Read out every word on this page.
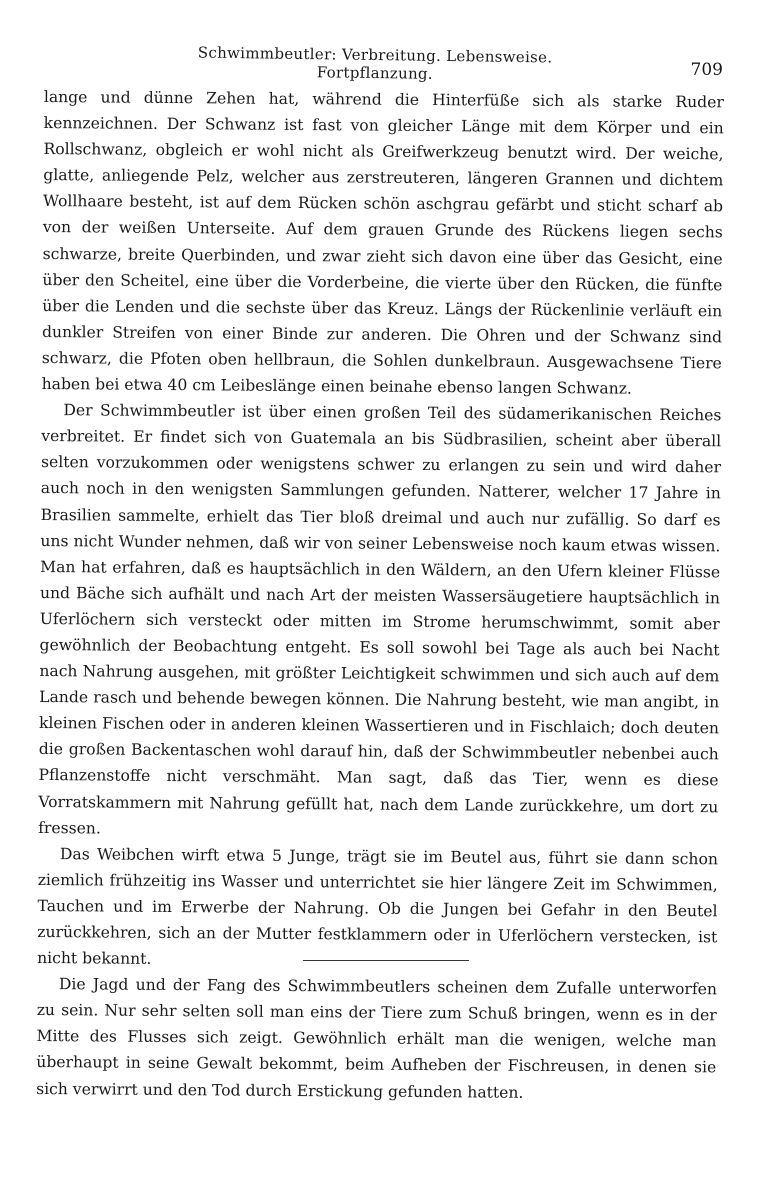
Schwimmbeutler: Verbreitung. Lebensweise. Fortpflanzung.	709

lange und dünne Zehen hat, während die Hinterfüße sich als starke Ruder kennzeichnen. Der Schwanz ist fast von gleicher Länge mit dem Körper und ein Rollschwanz, obgleich er wohl nicht als Greifwerkzeug benutzt wird. Der weiche, glatte, anliegende Pelz, welcher aus zerstreuteren, längeren Grannen und dichtem Wollhaare besteht, ist auf dem Rücken schön aschgrau gefärbt und sticht scharf ab von der weißen Unterseite. Auf dem grauen Grunde des Rückens liegen sechs schwarze, breite Querbinden, und zwar zieht sich davon eine über das Gesicht, eine über den Scheitel, eine über die Vorderbeine, die vierte über den Rücken, die fünfte über die Lenden und die sechste über das Kreuz. Längs der Rückenlinie verläuft ein dunkler Streifen von einer Binde zur anderen. Die Ohren und der Schwanz sind schwarz, die Pfoten oben hellbraun, die Sohlen dunkelbraun. Ausgewachsene Tiere haben bei etwa 40 cm Leibeslänge einen beinahe ebenso langen Schwanz.

Der Schwimmbeutler ist über einen großen Teil des südamerikanischen Reiches verbreitet. Er findet sich von Guatemala an bis Südbrasilien, scheint aber überall selten vorzukommen oder wenigstens schwer zu erlangen zu sein und wird daher auch noch in den wenigsten Sammlungen gefunden. Natterer, welcher 17 Jahre in Brasilien sammelte, erhielt das Tier bloß dreimal und auch nur zufällig. So darf es uns nicht Wunder nehmen, daß wir von seiner Lebensweise noch kaum etwas wissen. Man hat erfahren, daß es hauptsächlich in den Wäldern, an den Ufern kleiner Flüsse und Bäche sich aufhält und nach Art der meisten Wassersäugetiere hauptsächlich in Uferlöchern sich versteckt oder mitten im Strome herumschwimmt, somit aber gewöhnlich der Beobachtung entgeht. Es soll sowohl bei Tage als auch bei Nacht nach Nahrung ausgehen, mit größter Leichtigkeit schwimmen und sich auch auf dem Lande rasch und behende bewegen können. Die Nahrung besteht, wie man angibt, in kleinen Fischen oder in anderen kleinen Wassertieren und in Fischlaich; doch deuten die großen Backentaschen wohl darauf hin, daß der Schwimmbeutler nebenbei auch Pflanzenstoffe nicht verschmäht. Man sagt, daß das Tier, wenn es diese Vorratskammern mit Nahrung gefüllt hat, nach dem Lande zurückkehre, um dort zu fressen.

Das Weibchen wirft etwa 5 Junge, trägt sie im Beutel aus, führt sie dann schon ziemlich frühzeitig ins Wasser und unterrichtet sie hier längere Zeit im Schwimmen, Tauchen und im Erwerbe der Nahrung. Ob die Jungen bei Gefahr in den Beutel zurückkehren, sich an der Mutter festklammern oder in Uferlöchern verstecken, ist nicht bekannt.

Die Jagd und der Fang des Schwimmbeutlers scheinen dem Zufalle unterworfen zu sein. Nur sehr selten soll man eins der Tiere zum Schuß bringen, wenn es in der Mitte des Flusses sich zeigt. Gewöhnlich erhält man die wenigen, welche man überhaupt in seine Gewalt bekommt, beim Aufheben der Fischreusen, in denen sie sich verwirrt und den Tod durch Erstickung gefunden hatten.
